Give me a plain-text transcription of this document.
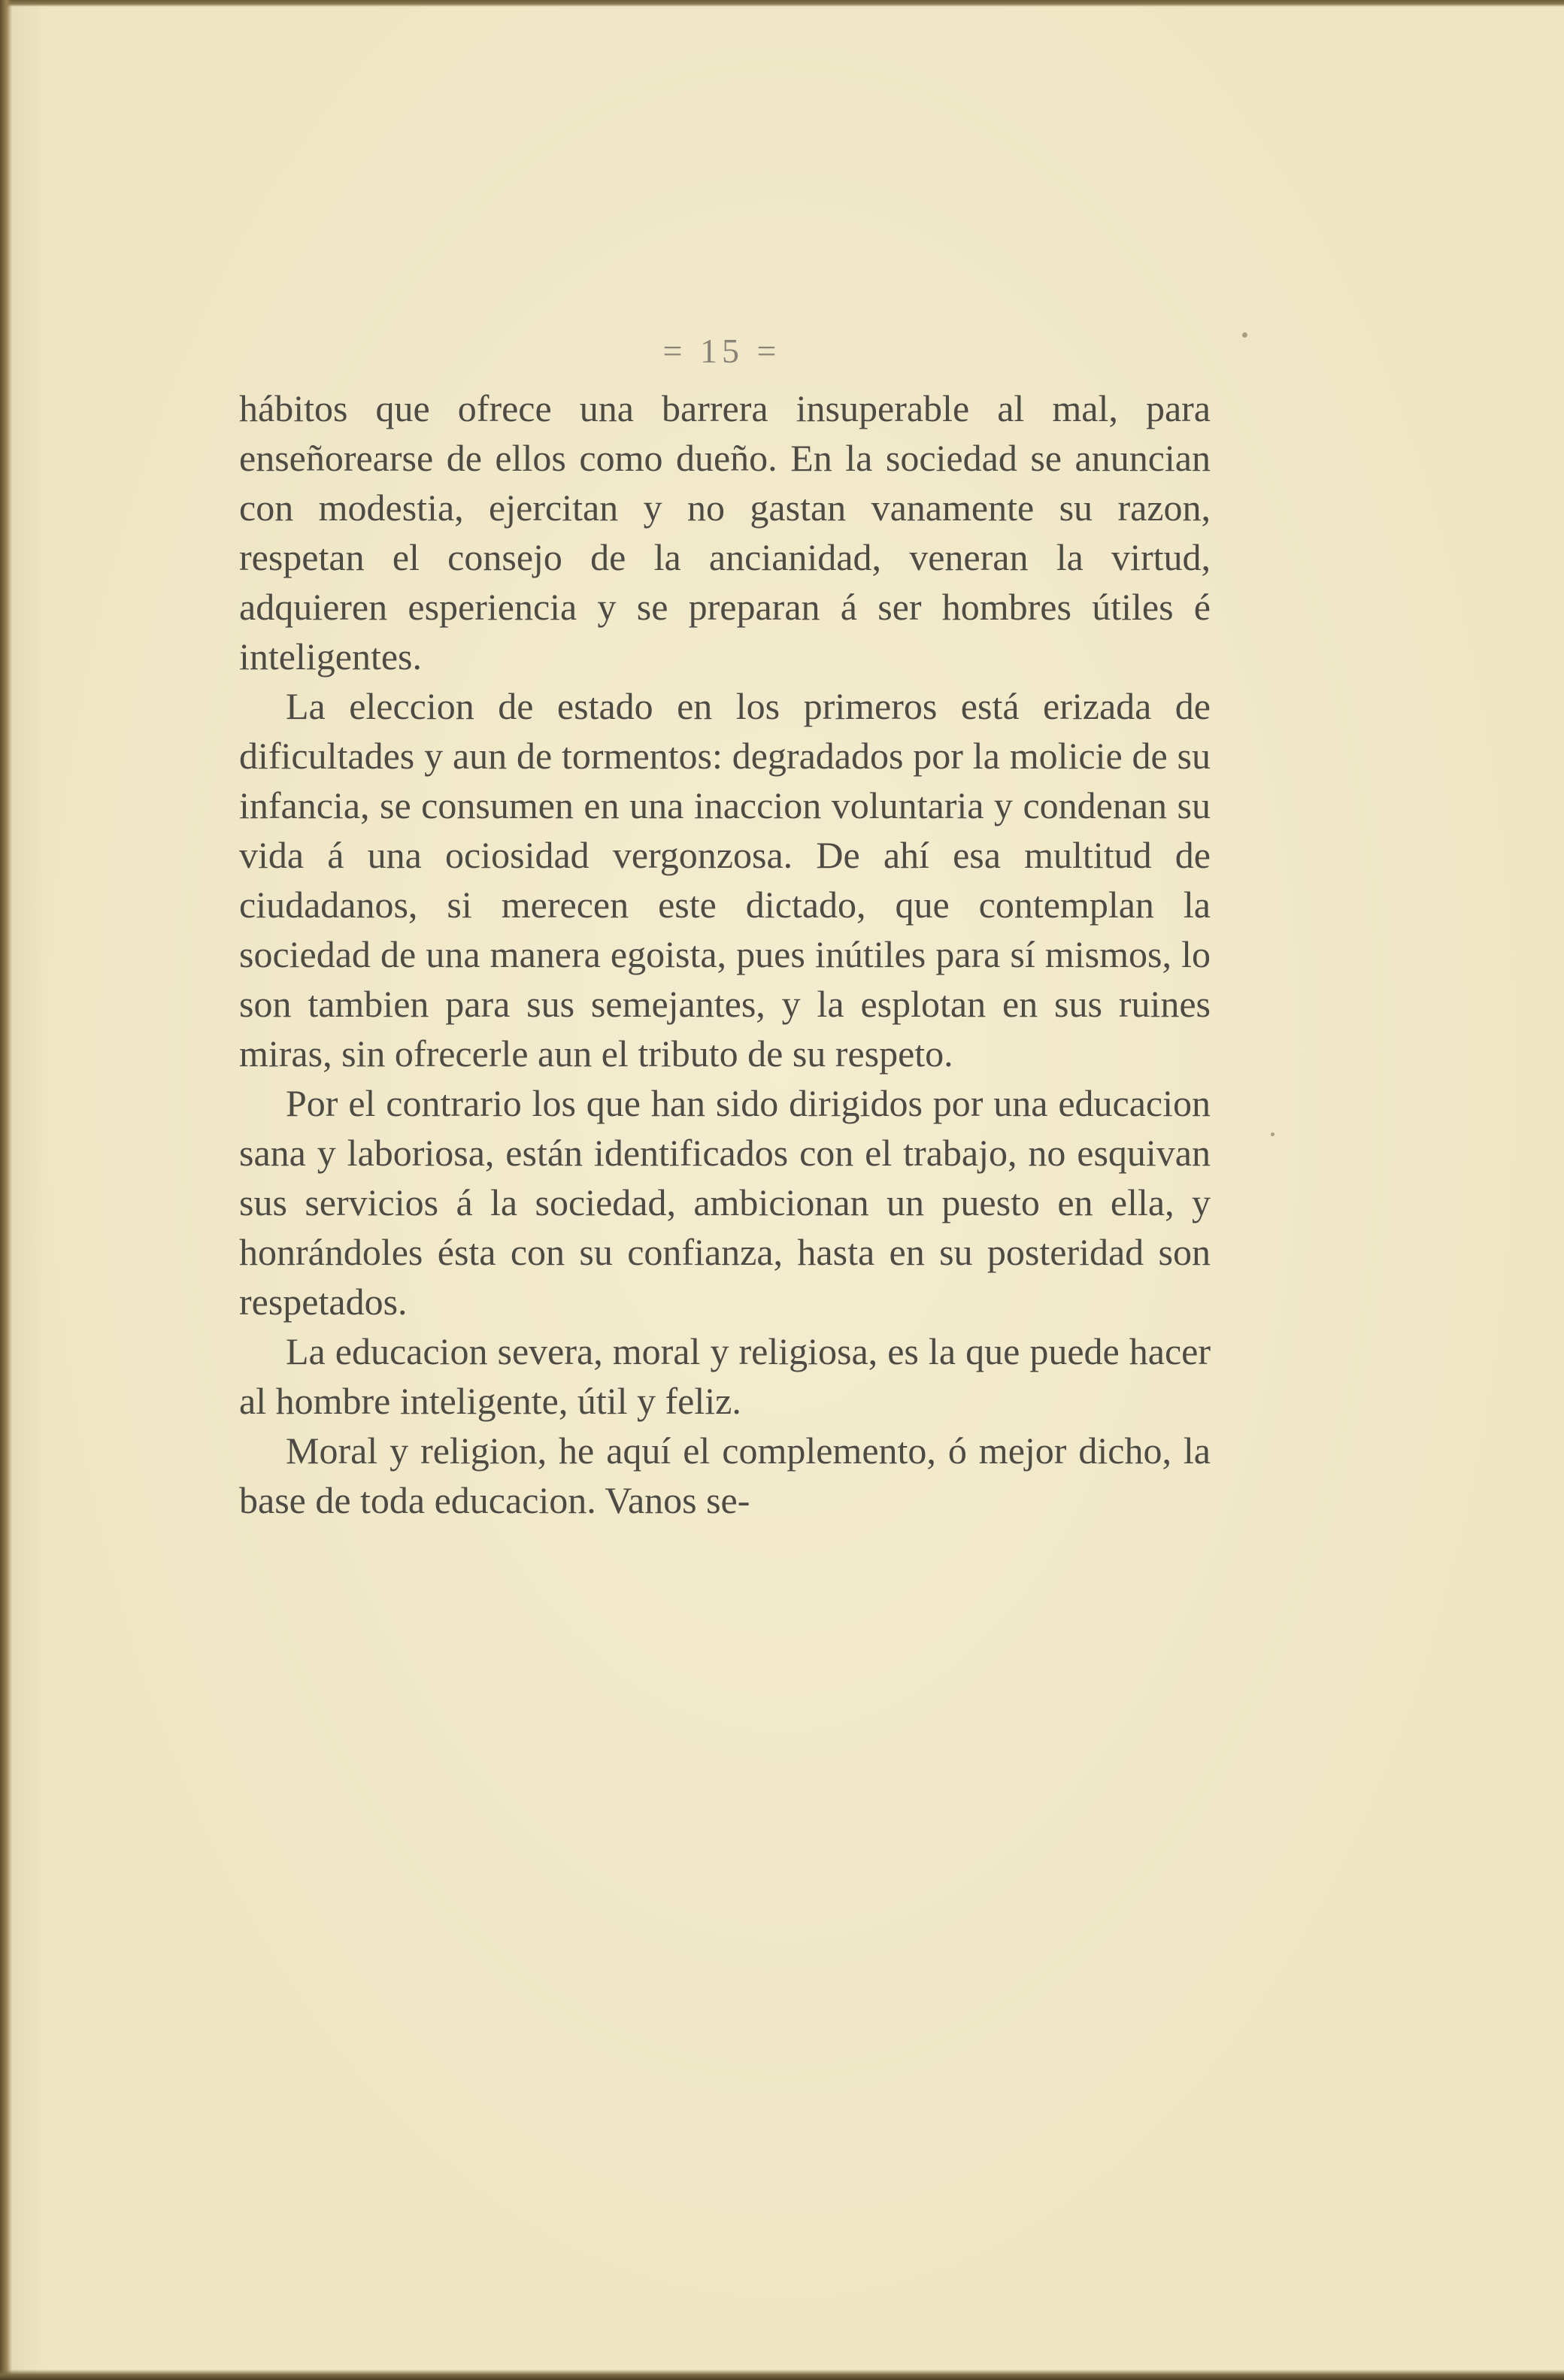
= 15 =

hábitos que ofrece una barrera insuperable al mal, para enseñorearse de ellos como dueño. En la sociedad se anuncian con modestia, ejercitan y no gastan vanamente su razon, respetan el consejo de la ancianidad, veneran la virtud, adquieren esperiencia y se preparan á ser hombres útiles é inteligentes.

La eleccion de estado en los primeros está erizada de dificultades y aun de tormentos: degradados por la molicie de su infancia, se consumen en una inaccion voluntaria y condenan su vida á una ociosidad vergonzosa. De ahí esa multitud de ciudadanos, si merecen este dictado, que contemplan la sociedad de una manera egoista, pues inútiles para sí mismos, lo son tambien para sus semejantes, y la esplotan en sus ruines miras, sin ofrecerle aun el tributo de su respeto.

Por el contrario los que han sido dirigidos por una educacion sana y laboriosa, están identificados con el trabajo, no esquivan sus servicios á la sociedad, ambicionan un puesto en ella, y honrándoles ésta con su confianza, hasta en su posteridad son respetados.

La educacion severa, moral y religiosa, es la que puede hacer al hombre inteligente, útil y feliz.

Moral y religion, he aquí el complemento, ó mejor dicho, la base de toda educacion. Vanos se-
